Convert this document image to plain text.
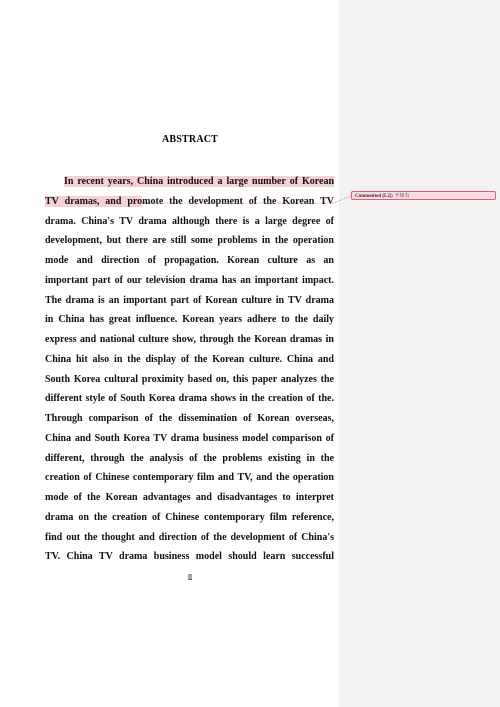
ABSTRACT
In recent years, China introduced a large number of Korean
TV dramas, and promote the development of the Korean TV
drama. China's TV drama although there is a large degree of
development, but there are still some problems in the operation
mode and direction of propagation. Korean culture as an
important part of our television drama has an important impact.
The drama is an important part of Korean culture in TV drama
in China has great influence. Korean years adhere to the daily
express and national culture show, through the Korean dramas in
China hit also in the display of the Korean culture. China and
South Korea cultural proximity based on, this paper analyzes the
different style of South Korea drama shows in the creation of the.
Through comparison of the dissemination of Korean overseas,
China and South Korea TV drama business model comparison of
different, through the analysis of the problems existing in the
creation of Chinese contemporary film and TV, and the operation
mode of the Korean advantages and disadvantages to interpret
drama on the creation of Chinese contemporary film reference,
find out the thought and direction of the development of China's
TV. China TV drama business model should learn successful
Commented [L2]: 不如有
Ⅱ
